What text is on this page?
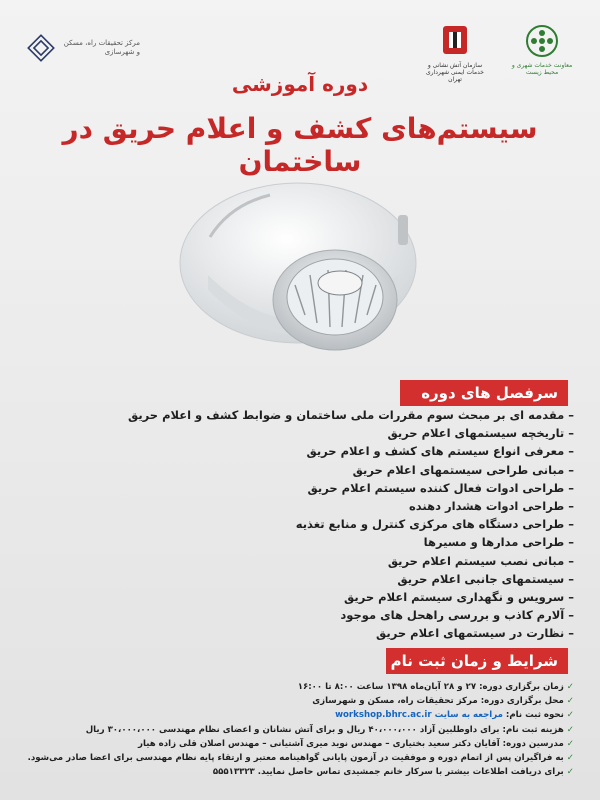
مرکز تحقیقات راه، مسکن و شهرسازی
سازمان آتش نشانی و خدمات ایمنی شهرداری تهران
معاونت خدمات شهری و محیط زیست
دوره آموزشی
سیستم‌های کشف و اعلام حریق در ساختمان
سرفصل های دوره
– مقدمه ای بر مبحث سوم مقررات ملی ساختمان و ضوابط کشف و اعلام حریق
– تاریخچه سیستمهای اعلام حریق
– معرفی انواع سیستم های کشف و اعلام حریق
– مبانی طراحی سیستمهای اعلام حریق
– طراحی ادوات فعال کننده سیستم اعلام حریق
– طراحی ادوات هشدار دهنده
– طراحی دستگاه های مرکزی کنترل و منابع تغذیه
– طراحی مدارها و مسیرها
– مبانی نصب سیستم اعلام حریق
– سیستمهای جانبی اعلام حریق
– سرویس و نگهداری سیستم اعلام حریق
– آلارم کاذب و بررسی راهحل های موجود
– نظارت در سیستمهای اعلام حریق
شرایط و زمان ثبت نام
✓زمان برگزاری دوره: ۲۷ و ۲۸ آبان‌ماه ۱۳۹۸ ساعت ۸:۰۰ تا ۱۶:۰۰
✓محل برگزاری دوره: مرکز تحقیقات راه، مسکن و شهرسازی
✓نحوه ثبت نام: مراجعه به سایت workshop.bhrc.ac.ir
✓هزینه ثبت نام: برای داوطلبین آزاد ۴۰،۰۰۰،۰۰۰ ریال و برای آتش نشانان و اعضای نظام مهندسی ۳۰،۰۰۰،۰۰۰ ریال
✓مدرسین دوره: آقایان دکتر سعید بختیاری – مهندس نوید میری آشتیانی – مهندس اصلان قلی زاده هیار
✓به فراگیران پس از اتمام دوره و موفقیت در آزمون پایانی گواهینامه معتبر و ارتقاء پایه نظام مهندسی برای اعضا صادر می‌شود.
✓برای دریافت اطلاعات بیشتر با سرکار خانم جمشیدی تماس حاصل نمایید. ۵۵۵۱۳۳۲۳
